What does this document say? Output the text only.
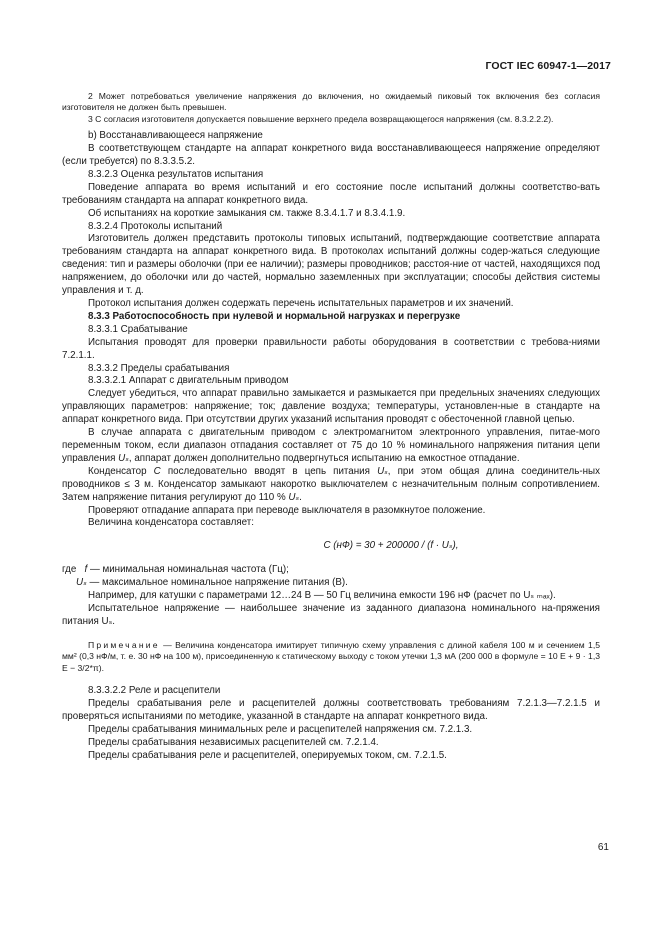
ГОСТ IEC 60947-1—2017

2 Может потребоваться увеличение напряжения до включения, но ожидаемый пиковый ток включения без согласия изготовителя не должен быть превышен.

3 С согласия изготовителя допускается повышение верхнего предела возвращающегося напряжения (см. 8.3.2.2.2).

b) Восстанавливающееся напряжение

В соответствующем стандарте на аппарат конкретного вида восстанавливающееся напряжение определяют (если требуется) по 8.3.3.5.2.

8.3.2.3 Оценка результатов испытания

Поведение аппарата во время испытаний и его состояние после испытаний должны соответство-вать требованиям стандарта на аппарат конкретного вида.

Об испытаниях на короткие замыкания см. также 8.3.4.1.7 и 8.3.4.1.9.

8.3.2.4 Протоколы испытаний

Изготовитель должен представить протоколы типовых испытаний, подтверждающие соответствие аппарата требованиям стандарта на аппарат конкретного вида. В протоколах испытаний должны содер-жаться следующие сведения: тип и размеры оболочки (при ее наличии); размеры проводников; расстоя-ние от частей, находящихся под напряжением, до оболочки или до частей, нормально заземленных при эксплуатации; способы действия системы управления и т. д.

Протокол испытания должен содержать перечень испытательных параметров и их значений.

8.3.3 Работоспособность при нулевой и нормальной нагрузках и перегрузке

8.3.3.1 Срабатывание

Испытания проводят для проверки правильности работы оборудования в соответствии с требова-ниями 7.2.1.1.

8.3.3.2 Пределы срабатывания

8.3.3.2.1 Аппарат с двигательным приводом

Следует убедиться, что аппарат правильно замыкается и размыкается при предельных значениях следующих управляющих параметров: напряжение; ток; давление воздуха; температуры, установлен-ные в стандарте на аппарат конкретного вида. При отсутствии других указаний испытания проводят с обесточенной главной цепью.

В случае аппарата с двигательным приводом с электромагнитом электронного управления, питае-мого переменным током, если диапазон отпадания составляет от 75 до 10 % номинального напряжения питания цепи управления Uₛ, аппарат должен дополнительно подвергнуться испытанию на емкостное отпадание.

Конденсатор C последовательно вводят в цепь питания Uₛ, при этом общая длина соединитель-ных проводников ≤ 3 м. Конденсатор замыкают накоротко выключателем с незначительным полным сопротивлением. Затем напряжение питания регулируют до 110 % Uₛ.

Проверяют отпадание аппарата при переводе выключателя в разомкнутое положение.

Величина конденсатора составляет:

C (нФ) = 30 + 200000 / (f · Uₛ),

где f — минимальная номинальная частота (Гц);

Uₛ — максимальное номинальное напряжение питания (В).

Например, для катушки с параметрами 12…24 В — 50 Гц величина емкости 196 нФ (расчет по Uₛ ₘₐₓ).

Испытательное напряжение — наибольшее значение из заданного диапазона номинального на-пряжения питания Uₛ.

Примечание — Величина конденсатора имитирует типичную схему управления с длиной кабеля 100 м и сечением 1,5 мм² (0,3 нФ/м, т. е. 30 нФ на 100 м), присоединенную к статическому выходу с током утечки 1,3 мА (200 000 в формуле = 10 E + 9 · 1,3 E − 3/2*π).

8.3.3.2.2 Реле и расцепители

Пределы срабатывания реле и расцепителей должны соответствовать требованиям 7.2.1.3—7.2.1.5 и проверяться испытаниями по методике, указанной в стандарте на аппарат конкретного вида.

Пределы срабатывания минимальных реле и расцепителей напряжения см. 7.2.1.3.

Пределы срабатывания независимых расцепителей см. 7.2.1.4.

Пределы срабатывания реле и расцепителей, оперируемых током, см. 7.2.1.5.

61
